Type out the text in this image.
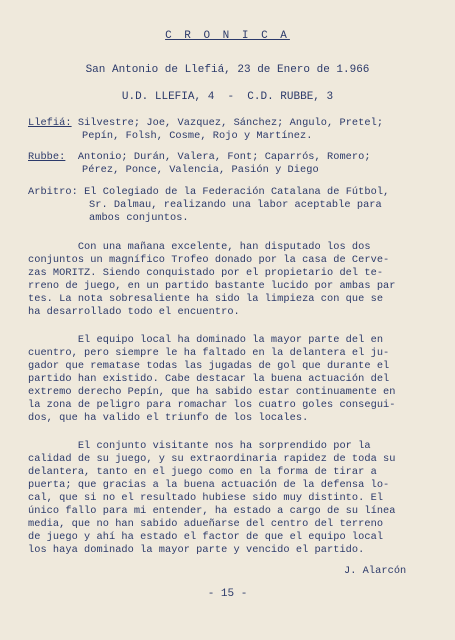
C R O N I C A
San Antonio de Llefiá, 23 de Enero de 1.966
U.D. LLEFIA, 4  -  C.D. RUBBE, 3
Llefiá: Silvestre; Joe, Vazquez, Sánchez; Angulo, Pretel;
Pepín, Folsh, Cosme, Rojo y Martínez.
Rubbe:  Antonio; Durán, Valera, Font; Caparrós, Romero;
Pérez, Ponce, Valencia, Pasión y Diego
Arbitro: El Colegiado de la Federación Catalana de Fútbol,
Sr. Dalmau, realizando una labor aceptable para
ambos conjuntos.
Con una mañana excelente, han disputado los dos
conjuntos un magnífico Trofeo donado por la casa de Cerve-
zas MORITZ. Siendo conquistado por el propietario del te-
rreno de juego, en un partido bastante lucido por ambas par
tes. La nota sobresaliente ha sido la limpieza con que se
ha desarrollado todo el encuentro.
El equipo local ha dominado la mayor parte del en
cuentro, pero siempre le ha faltado en la delantera el ju-
gador que rematase todas las jugadas de gol que durante el
partido han existido. Cabe destacar la buena actuación del
extremo derecho Pepín, que ha sabido estar continuamente en
la zona de peligro para romachar los cuatro goles consegui-
dos, que ha valido el triunfo de los locales.
El conjunto visitante nos ha sorprendido por la
calidad de su juego, y su extraordinaria rapidez de toda su
delantera, tanto en el juego como en la forma de tirar a
puerta; que gracias a la buena actuación de la defensa lo-
cal, que si no el resultado hubiese sido muy distinto. El
único fallo para mi entender, ha estado a cargo de su línea
media, que no han sabido adueñarse del centro del terreno
de juego y ahí ha estado el factor de que el equipo local
los haya dominado la mayor parte y vencido el partido.
J. Alarcón
- 15 -
